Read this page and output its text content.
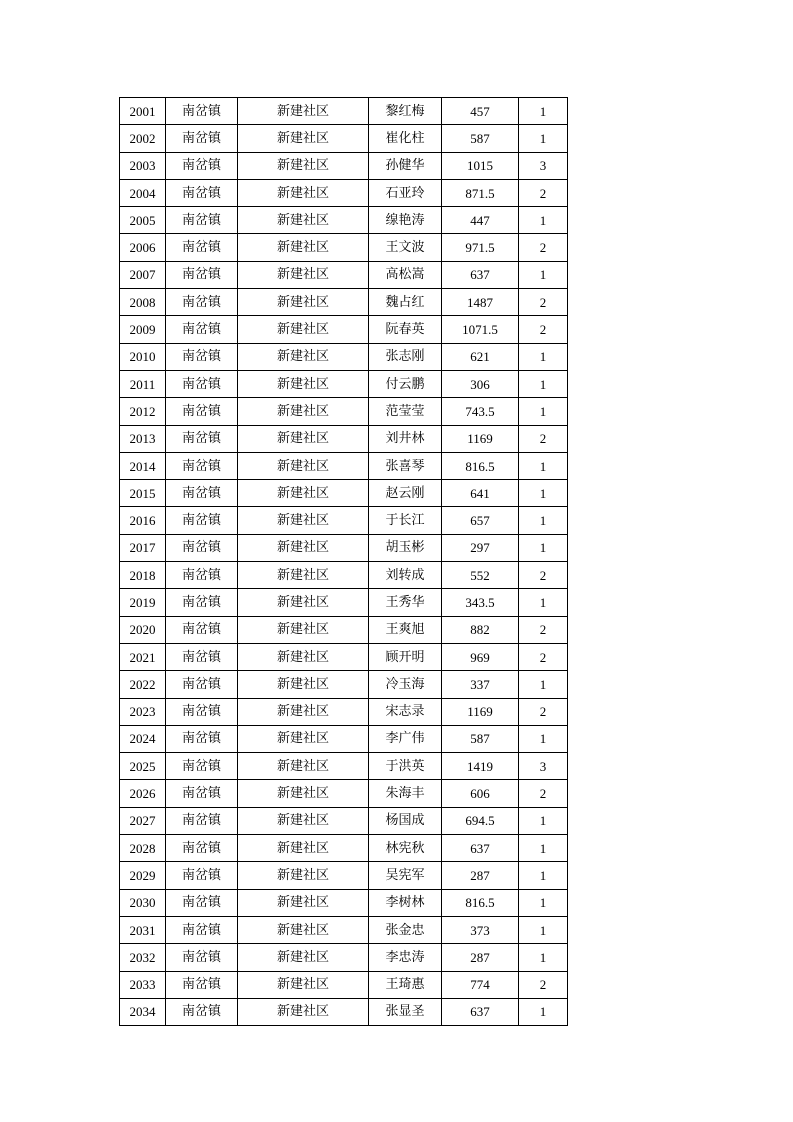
2001	南岔镇	新建社区	黎红梅	457	1
2002	南岔镇	新建社区	崔化柱	587	1
2003	南岔镇	新建社区	孙健华	1015	3
2004	南岔镇	新建社区	石亚玲	871.5	2
2005	南岔镇	新建社区	缐艳涛	447	1
2006	南岔镇	新建社区	王文波	971.5	2
2007	南岔镇	新建社区	高松嵩	637	1
2008	南岔镇	新建社区	魏占红	1487	2
2009	南岔镇	新建社区	阮春英	1071.5	2
2010	南岔镇	新建社区	张志刚	621	1
2011	南岔镇	新建社区	付云鹏	306	1
2012	南岔镇	新建社区	范莹莹	743.5	1
2013	南岔镇	新建社区	刘井林	1169	2
2014	南岔镇	新建社区	张喜琴	816.5	1
2015	南岔镇	新建社区	赵云刚	641	1
2016	南岔镇	新建社区	于长江	657	1
2017	南岔镇	新建社区	胡玉彬	297	1
2018	南岔镇	新建社区	刘转成	552	2
2019	南岔镇	新建社区	王秀华	343.5	1
2020	南岔镇	新建社区	王爽旭	882	2
2021	南岔镇	新建社区	顾开明	969	2
2022	南岔镇	新建社区	冷玉海	337	1
2023	南岔镇	新建社区	宋志录	1169	2
2024	南岔镇	新建社区	李广伟	587	1
2025	南岔镇	新建社区	于洪英	1419	3
2026	南岔镇	新建社区	朱海丰	606	2
2027	南岔镇	新建社区	杨国成	694.5	1
2028	南岔镇	新建社区	林宪秋	637	1
2029	南岔镇	新建社区	吴宪军	287	1
2030	南岔镇	新建社区	李树林	816.5	1
2031	南岔镇	新建社区	张金忠	373	1
2032	南岔镇	新建社区	李忠涛	287	1
2033	南岔镇	新建社区	王琦惠	774	2
2034	南岔镇	新建社区	张显圣	637	1
